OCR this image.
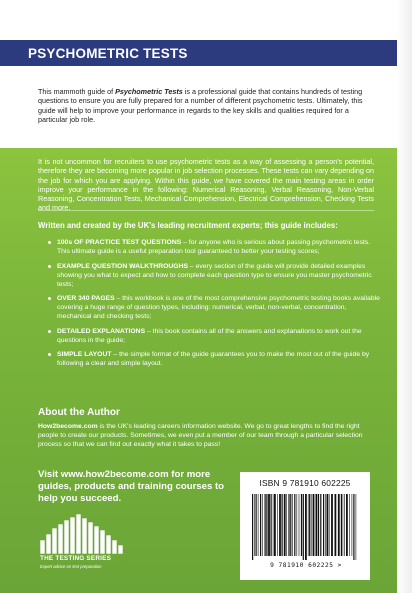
PSYCHOMETRIC TESTS
This mammoth guide of Psychometric Tests is a professional guide that contains hundreds of testing questions to ensure you are fully prepared for a number of different psychometric tests. Ultimately, this guide will help to improve your performance in regards to the key skills and qualities required for a particular job role.
It is not uncommon for recruiters to use psychometric tests as a way of assessing a person's potential, therefore they are becoming more popular in job selection processes. These tests can vary depending on the job for which you are applying. Within this guide, we have covered the main testing areas in order improve your performance in the following: Numerical Reasoning, Verbal Reasoning, Non-Verbal Reasoning, Concentration Tests, Mechanical Comprehension, Electrical Comprehension, Checking Tests and more.
Written and created by the UK's leading recruitment experts; this guide includes:
100s OF PRACTICE TEST QUESTIONS – for anyone who is serious about passing psychometric tests. This ultimate guide is a useful preparation tool guaranteed to better your testing scores;
EXAMPLE QUESTION WALKTHROUGHS – every section of the guide will provide detailed examples showing you what to expect and how to complete each question type to ensure you master psychometric tests;
OVER 340 PAGES – this workbook is one of the most comprehensive psychometric testing books available covering a huge range of question types, including: numerical, verbal, non-verbal, concentration, mechanical and checking tests;
DETAILED EXPLANATIONS – this book contains all of the answers and explanations to work out the questions in the guide;
SIMPLE LAYOUT – the simple format of the guide guarantees you to make the most out of the guide by following a clear and simple layout.
About the Author
How2become.com is the UK's leading careers information website. We go to great lengths to find the right people to create our products. Sometimes, we even put a member of our team through a particular selection process so that we can find out exactly what it takes to pass!
Visit www.how2become.com for more guides, products and training courses to help you succeed.
THE TESTING SERIES
Expert advice on test preparation
ISBN 9 781910 602225
9 781910 602225 >
